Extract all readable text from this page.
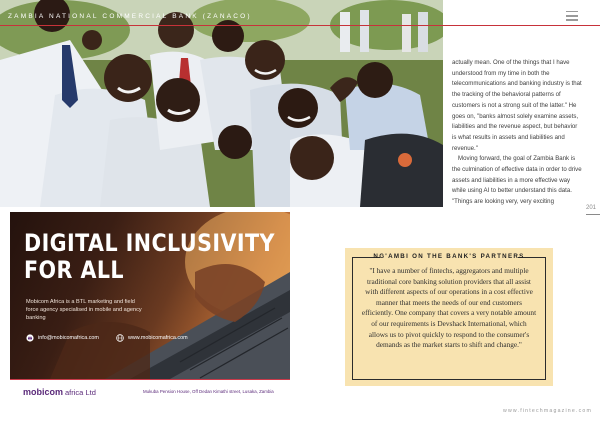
ZAMBIA NATIONAL COMMERCIAL BANK (ZANACO)

actually mean. One of the things that I have understood from my time in both the telecommunications and banking industry is that the tracking of the behavioral patterns of customers is not a strong suit of the latter." He goes on, "banks almost solely examine assets, liabilities and the revenue aspect, but behavior is what results in assets and liabilities and revenue."

Moving forward, the goal of Zambia Bank is the culmination of effective data in order to drive assets and liabilities in a more effective way while using AI to better understand this data. "Things are looking very, very exciting

201
DIGITAL INCLUSIVITY
FOR ALL
Mobicom Africa is a BTL marketing and field force agency specialised in mobile and agency banking
info@mobicomafrica.com	www.mobicomafrica.com
mobicom africa Ltd	Mukuba Pension House, Off Dedan Kimathi street, Lusaka, Zambia
NG'AMBI ON THE BANK'S PARTNERS
"I have a number of fintechs, aggregators and multiple traditional core banking solution providers that all assist with different aspects of our operations in a cost effective manner that meets the needs of our end customers efficiently. One company that covers a very notable amount of our requirements is Devshack International, which allows us to pivot quickly to respond to the consumer's demands as the market starts to shift and change."
www.fintechmagazine.com
